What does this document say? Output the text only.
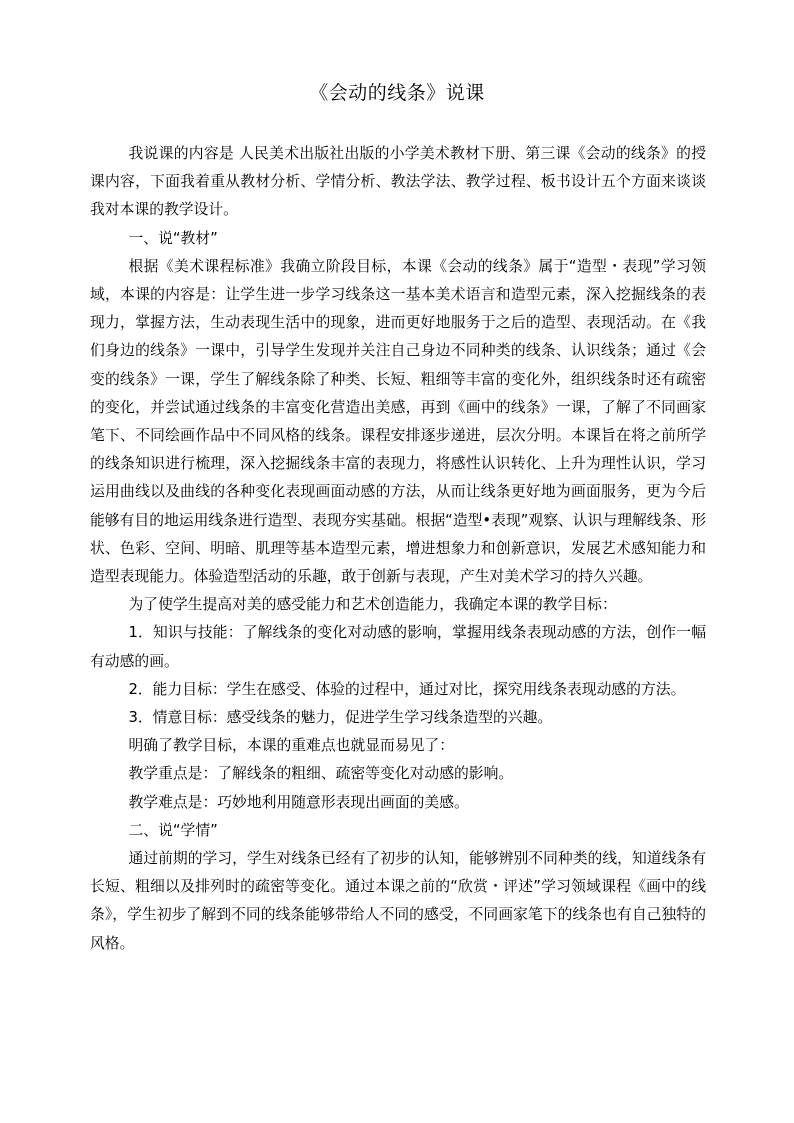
《会动的线条》说课

我说课的内容是 人民美术出版社出版的小学美术教材下册、第三课《会动的线条》的授课内容，下面我着重从教材分析、学情分析、教法学法、教学过程、板书设计五个方面来谈谈我对本课的教学设计。

一、说“教材”

根据《美术课程标准》我确立阶段目标，本课《会动的线条》属于“造型・表现”学习领域，本课的内容是：让学生进一步学习线条这一基本美术语言和造型元素，深入挖掘线条的表现力，掌握方法，生动表现生活中的现象，进而更好地服务于之后的造型、表现活动。在《我们身边的线条》一课中，引导学生发现并关注自己身边不同种类的线条、认识线条；通过《会变的线条》一课，学生了解线条除了种类、长短、粗细等丰富的变化外，组织线条时还有疏密的变化，并尝试通过线条的丰富变化营造出美感，再到《画中的线条》一课，了解了不同画家笔下、不同绘画作品中不同风格的线条。课程安排逐步递进，层次分明。本课旨在将之前所学的线条知识进行梳理，深入挖掘线条丰富的表现力，将感性认识转化、上升为理性认识，学习运用曲线以及曲线的各种变化表现画面动感的方法，从而让线条更好地为画面服务，更为今后能够有目的地运用线条进行造型、表现夯实基础。根据“造型•表现”观察、认识与理解线条、形状、色彩、空间、明暗、肌理等基本造型元素，增进想象力和创新意识，发展艺术感知能力和造型表现能力。体验造型活动的乐趣，敢于创新与表现，产生对美术学习的持久兴趣。

为了使学生提高对美的感受能力和艺术创造能力，我确定本课的教学目标：

1．知识与技能：了解线条的变化对动感的影响，掌握用线条表现动感的方法，创作一幅有动感的画。

2．能力目标：学生在感受、体验的过程中，通过对比，探究用线条表现动感的方法。

3．情意目标：感受线条的魅力，促进学生学习线条造型的兴趣。

明确了教学目标，本课的重难点也就显而易见了：

教学重点是：了解线条的粗细、疏密等变化对动感的影响。

教学难点是：巧妙地利用随意形表现出画面的美感。

二、说“学情”

通过前期的学习，学生对线条已经有了初步的认知，能够辨别不同种类的线，知道线条有长短、粗细以及排列时的疏密等变化。通过本课之前的“欣赏・评述”学习领域课程《画中的线条》，学生初步了解到不同的线条能够带给人不同的感受，不同画家笔下的线条也有自己独特的风格。
